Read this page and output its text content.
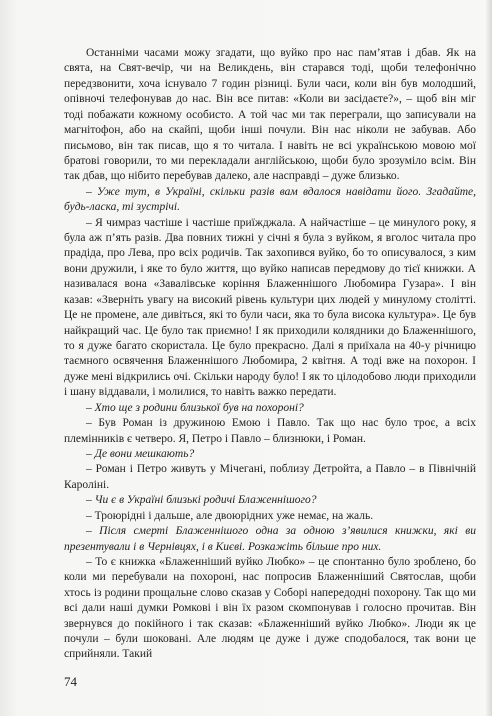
Останніми часами можу згадати, що вуйко про нас пам’ятав і дбав. Як на свята, на Свят-вечір, чи на Великдень, він старався тоді, щоби телефонічно передзвонити, хоча існувало 7 годин різниці. Були часи, коли він був молодший, опівночі телефонував до нас. Він все питав: «Коли ви засідаєте?», – щоб він міг тоді побажати кожному особисто. А той час ми так переграли, що записували на магнітофон, або на скайпі, щоби інші почули. Він нас ніколи не забував. Або письмово, він так писав, що я то читала. І навіть не всі українською мовою мої братові говорили, то ми перекладали англійською, щоби було зрозуміло всім. Він так дбав, що нібито перебував далеко, але насправді – дуже близько.

– Уже тут, в Україні, скільки разів вам вдалося навідати його. Згадайте, будь-ласка, ті зустрічі.

– Я чимраз частіше і частіше приїжджала. А найчастіше – це минулого року, я була аж п’ять разів. Два повних тижні у січні я була з вуйком, я вголос читала про прадіда, про Лева, про всіх родичів. Так захопився вуйко, бо то описувалося, з ким вони дружили, і яке то було життя, що вуйко написав передмову до тієї книжки. А називалася вона «Завалівське коріння Блаженнішого Любомира Гузара». І він казав: «Зверніть увагу на високий рівень культури цих людей у минулому столітті. Це не промене, але дивіться, які то були часи, яка то була висока культура». Це був найкращий час. Це було так приємно! І як приходили колядники до Блаженнішого, то я дуже багато скористала. Це було прекрасно. Далі я приїхала на 40-у річницю таємного освячення Блаженнішого Любомира, 2 квітня. А тоді вже на похорон. І дуже мені відкрились очі. Скільки народу було! І як то цілодобово люди приходили і шану віддавали, і молилися, то навіть важко передати.

– Хто ще з родини близької був на похороні?

– Був Роман із дружиною Емою і Павло. Так що нас було троє, а всіх племінників є четверо. Я, Петро і Павло – близнюки, і Роман.

– Де вони мешкають?

– Роман і Петро живуть у Мічегані, поблизу Детройта, а Павло – в Північній Кароліні.

– Чи є в Україні близькі родичі Блаженнішого?

– Троюрідні і дальше, але двоюрідних уже немає, на жаль.

– Після смерті Блаженнішого одна за одною з’явилися книжки, які ви презентували і в Чернівцях, і в Києві. Розкажіть більше про них.

– То є книжка «Блаженніший вуйко Любко» – це спонтанно було зроблено, бо коли ми перебували на похороні, нас попросив Блаженніший Святослав, щоби хтось із родини прощальне слово сказав у Соборі напередодні похорону. Так що ми всі дали наші думки Ромкові і він їх разом скомпонував і голосно прочитав. Він звернувся до покійного і так сказав: «Блаженніший вуйко Любко». Люди як це почули – були шоковані. Але людям це дуже і дуже сподобалося, так вони це сприйняли. Такий

74
